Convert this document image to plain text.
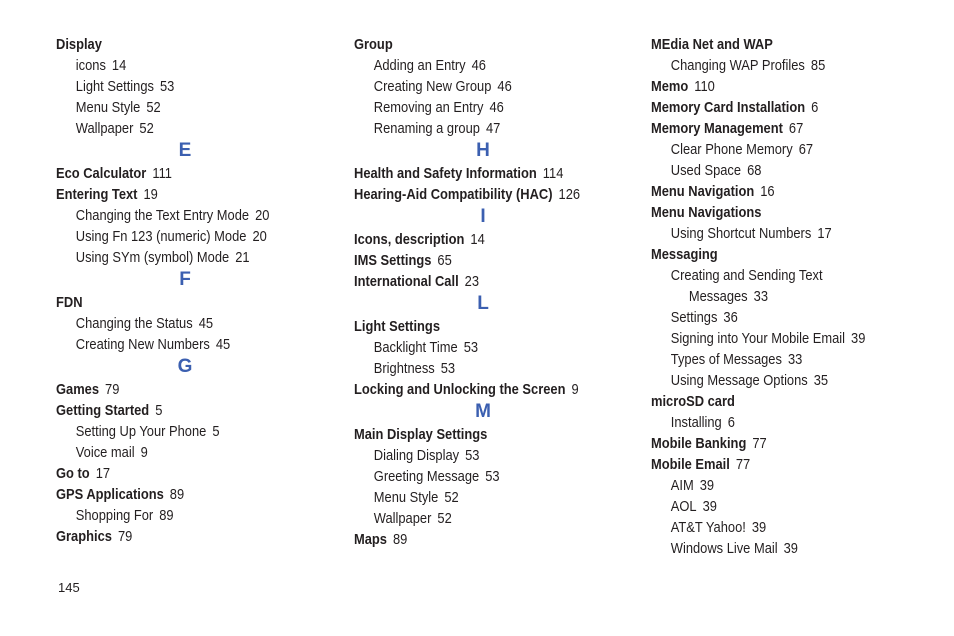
Display
icons 14
Light Settings 53
Menu Style 52
Wallpaper 52
E
Eco Calculator 111
Entering Text 19
Changing the Text Entry Mode 20
Using Fn 123 (numeric) Mode 20
Using SYm (symbol) Mode 21
F
FDN
Changing the Status 45
Creating New Numbers 45
G
Games 79
Getting Started 5
Setting Up Your Phone 5
Voice mail 9
Go to 17
GPS Applications 89
Shopping For 89
Graphics 79
Group
Adding an Entry 46
Creating New Group 46
Removing an Entry 46
Renaming a group 47
H
Health and Safety Information 114
Hearing-Aid Compatibility (HAC) 126
I
Icons, description 14
IMS Settings 65
International Call 23
L
Light Settings
Backlight Time 53
Brightness 53
Locking and Unlocking the Screen 9
M
Main Display Settings
Dialing Display 53
Greeting Message 53
Menu Style 52
Wallpaper 52
Maps 89
MEdia Net and WAP
Changing WAP Profiles 85
Memo 110
Memory Card Installation 6
Memory Management 67
Clear Phone Memory 67
Used Space 68
Menu Navigation 16
Menu Navigations
Using Shortcut Numbers 17
Messaging
Creating and Sending Text
Messages 33
Settings 36
Signing into Your Mobile Email 39
Types of Messages 33
Using Message Options 35
microSD card
Installing 6
Mobile Banking 77
Mobile Email 77
AIM 39
AOL 39
AT&T Yahoo! 39
Windows Live Mail 39
145
